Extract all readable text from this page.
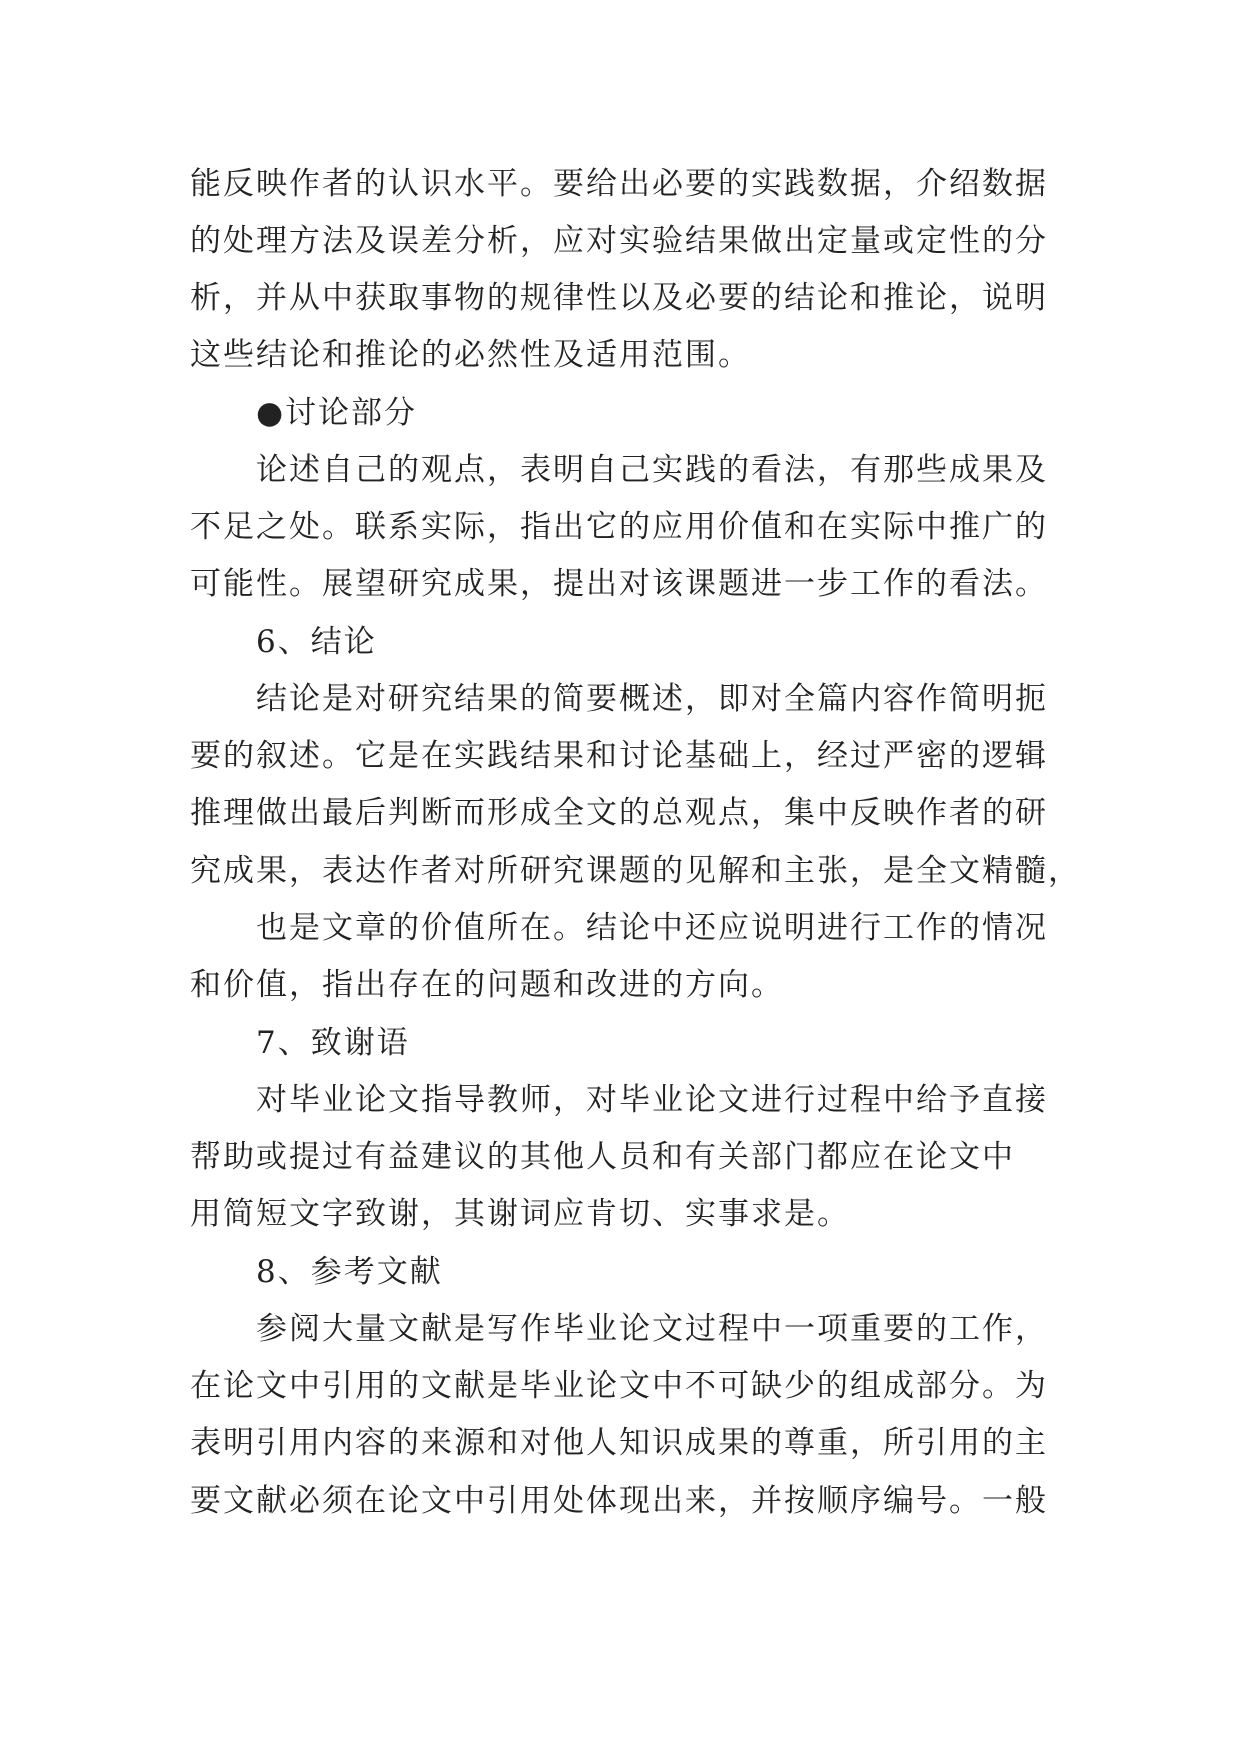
能反映作者的认识水平。要给出必要的实践数据，介绍数据
的处理方法及误差分析，应对实验结果做出定量或定性的分
析，并从中获取事物的规律性以及必要的结论和推论，说明
这些结论和推论的必然性及适用范围。
●讨论部分
论述自己的观点，表明自己实践的看法，有那些成果及
不足之处。联系实际，指出它的应用价值和在实际中推广的
可能性。展望研究成果，提出对该课题进一步工作的看法。
6、结论
结论是对研究结果的简要概述，即对全篇内容作简明扼
要的叙述。它是在实践结果和讨论基础上，经过严密的逻辑
推理做出最后判断而形成全文的总观点，集中反映作者的研
究成果，表达作者对所研究课题的见解和主张，是全文精髓，
也是文章的价值所在。结论中还应说明进行工作的情况
和价值，指出存在的问题和改进的方向。
7、致谢语
对毕业论文指导教师，对毕业论文进行过程中给予直接
帮助或提过有益建议的其他人员和有关部门都应在论文中
用简短文字致谢，其谢词应肯切、实事求是。
8、参考文献
参阅大量文献是写作毕业论文过程中一项重要的工作，
在论文中引用的文献是毕业论文中不可缺少的组成部分。为
表明引用内容的来源和对他人知识成果的尊重，所引用的主
要文献必须在论文中引用处体现出来，并按顺序编号。一般
